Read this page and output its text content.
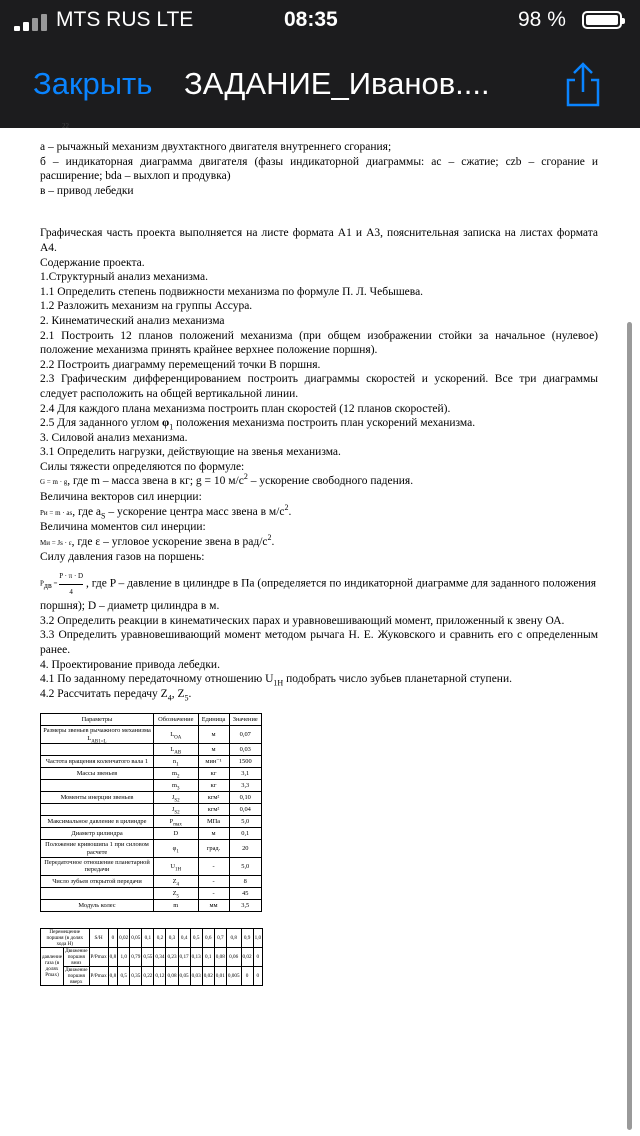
MTS RUS LTE	08:35	98 %
Закрыть ЗАДАНИЕ_Иванов....
22

а – рычажный механизм двухтактного двигателя внутреннего сгорания;

б – индикаторная диаграмма двигателя (фазы индикаторной диаграммы: ac – сжатие; czb – сгорание и расширение; bda – выхлоп и продувка)

в – привод лебедки

Графическая часть проекта выполняется на листе формата А1 и А3, пояснительная записка на листах формата А4.

Содержание проекта.

1.Структурный анализ механизма.

1.1 Определить степень подвижности механизма по формуле П. Л. Чебышева.

1.2 Разложить механизм на группы Ассура.

2. Кинематический анализ механизма

2.1 Построить 12 планов положений механизма (при общем изображении стойки за начальное (нулевое) положение механизма принять крайнее верхнее положение поршня).

2.2 Построить диаграмму перемещений точки В поршня.

2.3 Графическим дифференцированием построить диаграммы скоростей и ускорений. Все три диаграммы следует расположить на общей вертикальной линии.

2.4 Для каждого плана механизма построить план скоростей (12 планов скоростей).

2.5 Для заданного углом $\varphi_1$ положения механизма построить план ускорений механизма.

3. Силовой анализ механизма.

3.1 Определить нагрузки, действующие на звенья механизма.

Силы тяжести определяются по формуле:

G = m · g, где m – масса звена в кг; g = 10 $м/с^2$ – ускорение свободного падения.

Величина векторов сил инерции:

Pи = m · as, где $a_S$ – ускорение центра масс звена в $м/с^2$.

Величина моментов сил инерции:

Mи = Js · ε, где ε – угловое ускорение звена в рад/$с^2$.

Силу давления газов на поршень:

$P_{дв} = \frac{P \cdot \pi \cdot D}{4}$ , где P – давление в цилиндре в Па (определяется по индикаторной диаграмме для заданного положения поршня); D – диаметр цилиндра в м.

3.2 Определить реакции в кинематических парах и уравновешивающий момент, приложенный к звену ОА.

3.3 Определить уравновешивающий момент методом рычага Н. Е. Жуковского и сравнить его с определенным ранее.

4. Проектирование привода лебедки.

4.1 По заданному передаточному отношению $U_{1H}$ подобрать число зубьев планетарной ступени.

4.2 Рассчитать передачу $Z_4$, $Z_5$.

Параметры	Обозначение	Единица	Значение
Размеры звеньев рычажного механизма $L_{AB1=L}$	$L_{OA}$	м	0,07
	$L_{AB}$	м	0,03
Частота вращения коленчатого вала 1	$n_1$	мин⁻¹	1500
Массы звеньев	$m_2$	кг	3,1
	$m_3$	кг	3,3
Моменты инерции звеньев	$J_{S2}$	кгм²	0,10
	$J_{S2}$	кгм²	0,04
Максимальное давление в цилиндре	$P_{max}$	МПа	5,0
Диаметр цилиндра	D	м	0,1
Положение кривошипа 1 при силовом расчете	$\varphi_1$	град.	20
Передаточное отношение планетарной передачи	$U_{1H}$	-	5,0
Число зубьев открытой передачи	$Z_4$	-	8
	$Z_5$	-	45
Модуль колес	m	мм	3,5
Перемещение поршня (в долях хода Н)		S/H	0	0,02	0,05	0,1	0,2	0,3	0,4	0,5	0,6	0,7	0,8	0,9	1,0
давление газа (в долях Pmax)	Движение поршня вниз	P/Pmax	0,8	1,0	0,79	0,55	0,34	0,23	0,17	0,13	0,1	0,08	0,06	0,02	0
	Движение поршня вверх	P/Pmax	0,8	0,5	0,35	0,22	0,12	0,08	0,05	0,03	0,02	0,01	0,005	0	0
